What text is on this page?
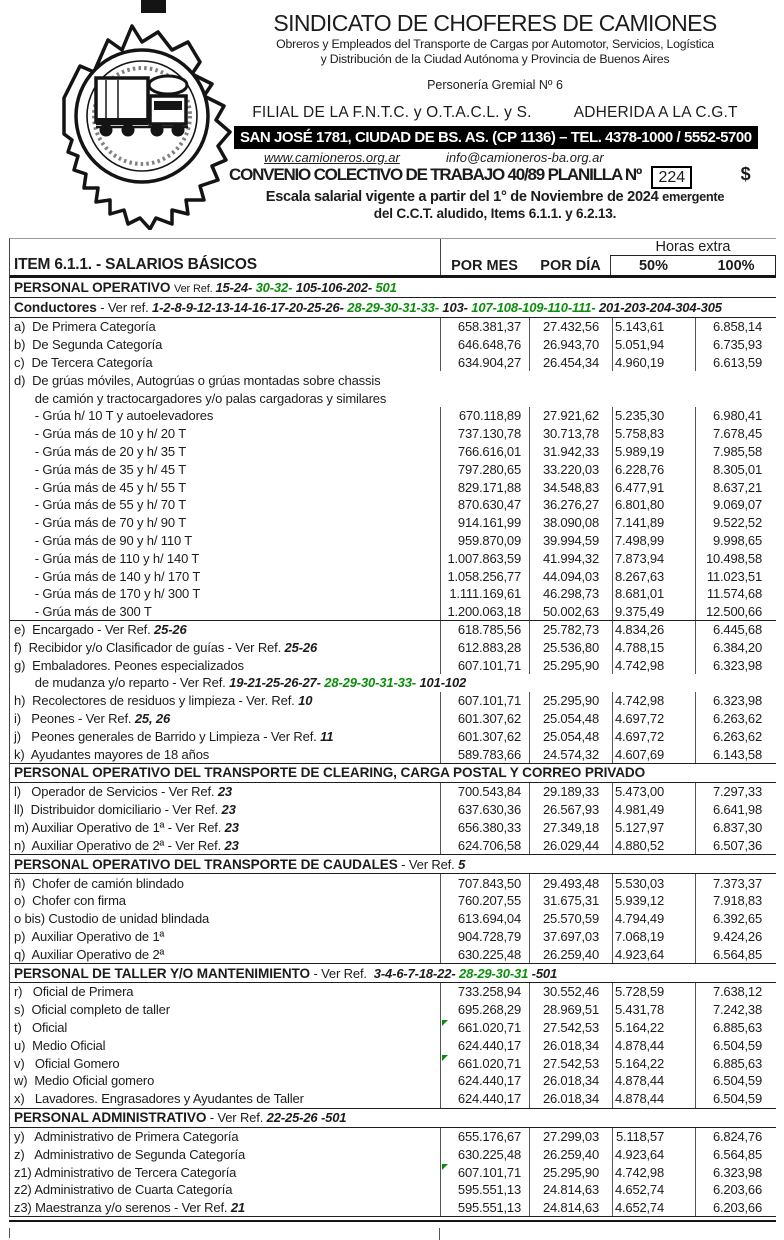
SINDICATO DE CHOFERES DE CAMIONES
Obreros y Empleados del Transporte de Cargas por Automotor, Servicios, Logística
y Distribución de la Ciudad Autónoma y Provincia de Buenos Aires
Personería Gremial Nº 6
FILIAL DE LA F.N.T.C. y O.T.A.C.L. y S.	ADHERIDA A LA C.G.T
SAN JOSÉ 1781, CIUDAD DE BS. AS. (CP 1136) – TEL. 4378-1000 / 5552-5700
www.camioneros.org.ar	info@camioneros-ba.org.ar
CONVENIO COLECTIVO DE TRABAJO 40/89 PLANILLA Nº 224	$
Escala salarial vigente a partir del 1° de Noviembre de 2024 emergente
del C.C.T. aludido, Items 6.1.1. y 6.2.13.
Horas extra
ITEM 6.1.1. - SALARIOS BÁSICOS	POR MES	POR DÍA	50%	100%
PERSONAL OPERATIVO Ver Ref. 15-24- 30-32- 105-106-202- 501
Conductores - Ver ref. 1-2-8-9-12-13-14-16-17-20-25-26- 28-29-30-31-33- 103- 107-108-109-110-111- 201-203-204-304-305
a)  De Primera Categoría	658.381,37	27.432,56	5.143,61	6.858,14
b)  De Segunda Categoría	646.648,76	26.943,70	5.051,94	6.735,93
c)  De Tercera Categoría	634.904,27	26.454,34	4.960,19	6.613,59
d)  De grúas móviles, Autogrúas o grúas montadas sobre chassis
de camión y tractocargadores y/o palas cargadoras y similares
- Grúa h/ 10 T y autoelevadores	670.118,89	27.921,62	5.235,30	6.980,41
- Grúa más de 10 y h/ 20 T	737.130,78	30.713,78	5.758,83	7.678,45
- Grúa más de 20 y h/ 35 T	766.616,01	31.942,33	5.989,19	7.985,58
- Grúa más de 35 y h/ 45 T	797.280,65	33.220,03	6.228,76	8.305,01
- Grúa más de 45 y h/ 55 T	829.171,88	34.548,83	6.477,91	8.637,21
- Grúa más de 55 y h/ 70 T	870.630,47	36.276,27	6.801,80	9.069,07
- Grúa más de 70 y h/ 90 T	914.161,99	38.090,08	7.141,89	9.522,52
- Grúa más de 90 y h/ 110 T	959.870,09	39.994,59	7.498,99	9.998,65
- Grúa más de 110 y h/ 140 T	1.007.863,59	41.994,32	7.873,94	10.498,58
- Grúa más de 140 y h/ 170 T	1.058.256,77	44.094,03	8.267,63	11.023,51
- Grúa más de 170 y h/ 300 T	1.111.169,61	46.298,73	8.681,01	11.574,68
- Grúa más de 300 T	1.200.063,18	50.002,63	9.375,49	12.500,66
e)  Encargado - Ver Ref. 25-26	618.785,56	25.782,73	4.834,26	6.445,68
f)  Recibidor y/o Clasificador de guías - Ver Ref. 25-26	612.883,28	25.536,80	4.788,15	6.384,20
g)  Embaladores. Peones especializados	607.101,71	25.295,90	4.742,98	6.323,98
de mudanza y/o reparto - Ver Ref. 19-21-25-26-27- 28-29-30-31-33- 101-102
h)  Recolectores de residuos y limpieza - Ver. Ref. 10	607.101,71	25.295,90	4.742,98	6.323,98
i)   Peones - Ver Ref. 25, 26	601.307,62	25.054,48	4.697,72	6.263,62
j)   Peones generales de Barrido y Limpieza - Ver Ref. 11	601.307,62	25.054,48	4.697,72	6.263,62
k)  Ayudantes mayores de 18 años	589.783,66	24.574,32	4.607,69	6.143,58
PERSONAL OPERATIVO DEL TRANSPORTE DE CLEARING, CARGA POSTAL Y CORREO PRIVADO
l)   Operador de Servicios - Ver Ref. 23	700.543,84	29.189,33	5.473,00	7.297,33
ll)  Distribuidor domiciliario - Ver Ref. 23	637.630,36	26.567,93	4.981,49	6.641,98
m) Auxiliar Operativo de 1ª - Ver Ref. 23	656.380,33	27.349,18	5.127,97	6.837,30
n)  Auxiliar Operativo de 2ª - Ver Ref. 23	624.706,58	26.029,44	4.880,52	6.507,36
PERSONAL OPERATIVO DEL TRANSPORTE DE CAUDALES - Ver Ref. 5
ñ)  Chofer de camión blindado	707.843,50	29.493,48	5.530,03	7.373,37
o)  Chofer con firma	760.207,55	31.675,31	5.939,12	7.918,83
o bis) Custodio de unidad blindada	613.694,04	25.570,59	4.794,49	6.392,65
p)  Auxiliar Operativo de 1ª	904.728,79	37.697,03	7.068,19	9.424,26
q)  Auxiliar Operativo de 2ª	630.225,48	26.259,40	4.923,64	6.564,85
PERSONAL DE TALLER Y/O MANTENIMIENTO - Ver Ref.  3-4-6-7-18-22- 28-29-30-31 -501
r)   Oficial de Primera	733.258,94	30.552,46	5.728,59	7.638,12
s)  Oficial completo de taller	695.268,29	28.969,51	5.431,78	7.242,38
t)   Oficial	661.020,71	27.542,53	5.164,22	6.885,63
u)  Medio Oficial	624.440,17	26.018,34	4.878,44	6.504,59
v)   Oficial Gomero	661.020,71	27.542,53	5.164,22	6.885,63
w)  Medio Oficial gomero	624.440,17	26.018,34	4.878,44	6.504,59
x)   Lavadores. Engrasadores y Ayudantes de Taller	624.440,17	26.018,34	4.878,44	6.504,59
PERSONAL ADMINISTRATIVO - Ver Ref. 22-25-26 -501
y)   Administrativo de Primera Categoría	655.176,67	27.299,03	5.118,57	6.824,76
z)   Administrativo de Segunda Categoría	630.225,48	26.259,40	4.923,64	6.564,85
z1) Administrativo de Tercera Categoría	607.101,71	25.295,90	4.742,98	6.323,98
z2) Administrativo de Cuarta Categoría	595.551,13	24.814,63	4.652,74	6.203,66
z3) Maestranza y/o serenos - Ver Ref. 21	595.551,13	24.814,63	4.652,74	6.203,66
